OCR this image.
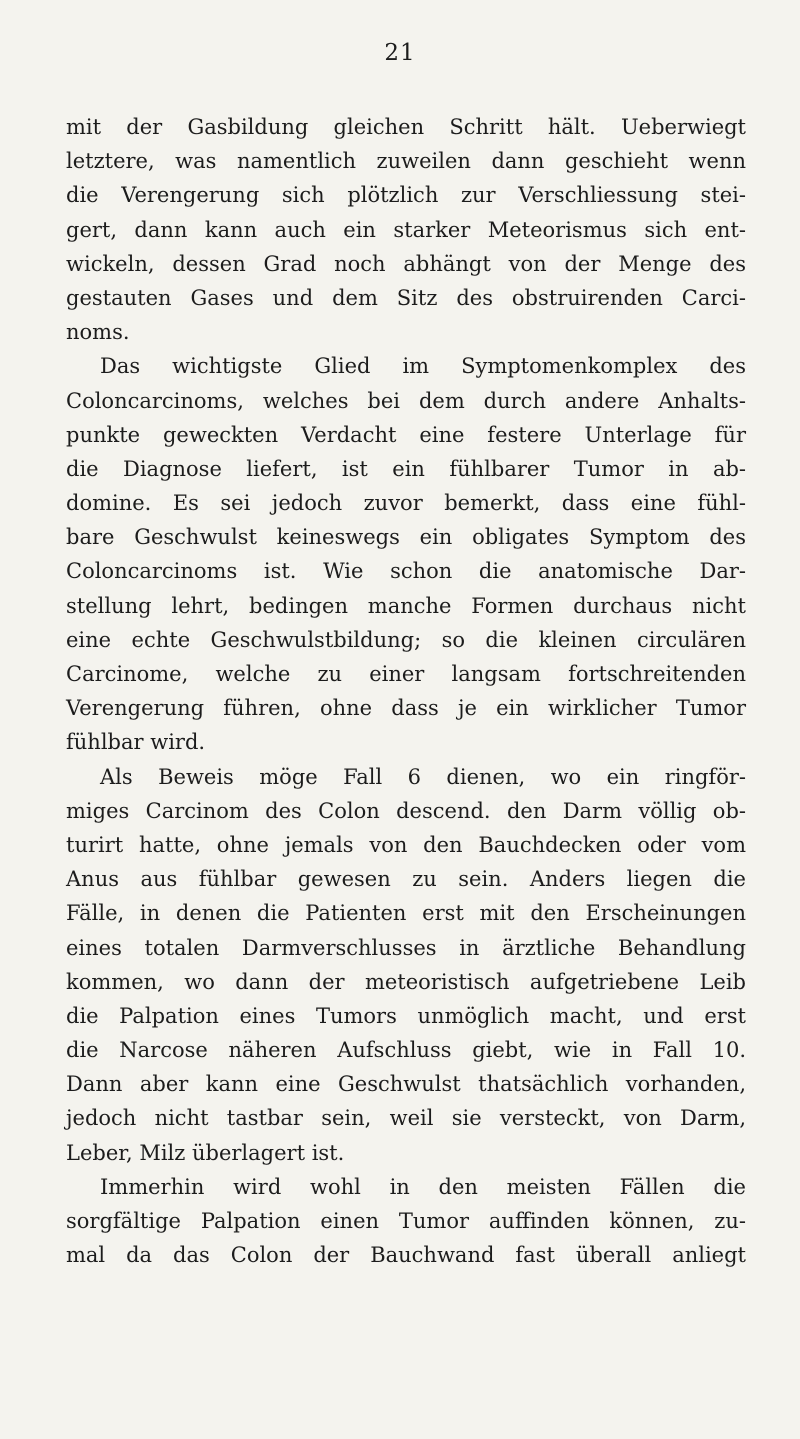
21
mit der Gasbildung gleichen Schritt hält. Ueberwiegt
letztere, was namentlich zuweilen dann geschieht wenn
die Verengerung sich plötzlich zur Verschliessung stei-
gert, dann kann auch ein starker Meteorismus sich ent-
wickeln, dessen Grad noch abhängt von der Menge des
gestauten Gases und dem Sitz des obstruirenden Carci-
noms.
Das wichtigste Glied im Symptomenkomplex des
Coloncarcinoms, welches bei dem durch andere Anhalts-
punkte geweckten Verdacht eine festere Unterlage für
die Diagnose liefert, ist ein fühlbarer Tumor in ab-
domine. Es sei jedoch zuvor bemerkt, dass eine fühl-
bare Geschwulst keineswegs ein obligates Symptom des
Coloncarcinoms ist. Wie schon die anatomische Dar-
stellung lehrt, bedingen manche Formen durchaus nicht
eine echte Geschwulstbildung; so die kleinen circulären
Carcinome, welche zu einer langsam fortschreitenden
Verengerung führen, ohne dass je ein wirklicher Tumor
fühlbar wird.
Als Beweis möge Fall 6 dienen, wo ein ringför-
miges Carcinom des Colon descend. den Darm völlig ob-
turirt hatte, ohne jemals von den Bauchdecken oder vom
Anus aus fühlbar gewesen zu sein. Anders liegen die
Fälle, in denen die Patienten erst mit den Erscheinungen
eines totalen Darmverschlusses in ärztliche Behandlung
kommen, wo dann der meteoristisch aufgetriebene Leib
die Palpation eines Tumors unmöglich macht, und erst
die Narcose näheren Aufschluss giebt, wie in Fall 10.
Dann aber kann eine Geschwulst thatsächlich vorhanden,
jedoch nicht tastbar sein, weil sie versteckt, von Darm,
Leber, Milz überlagert ist.
Immerhin wird wohl in den meisten Fällen die
sorgfältige Palpation einen Tumor auffinden können, zu-
mal da das Colon der Bauchwand fast überall anliegt
